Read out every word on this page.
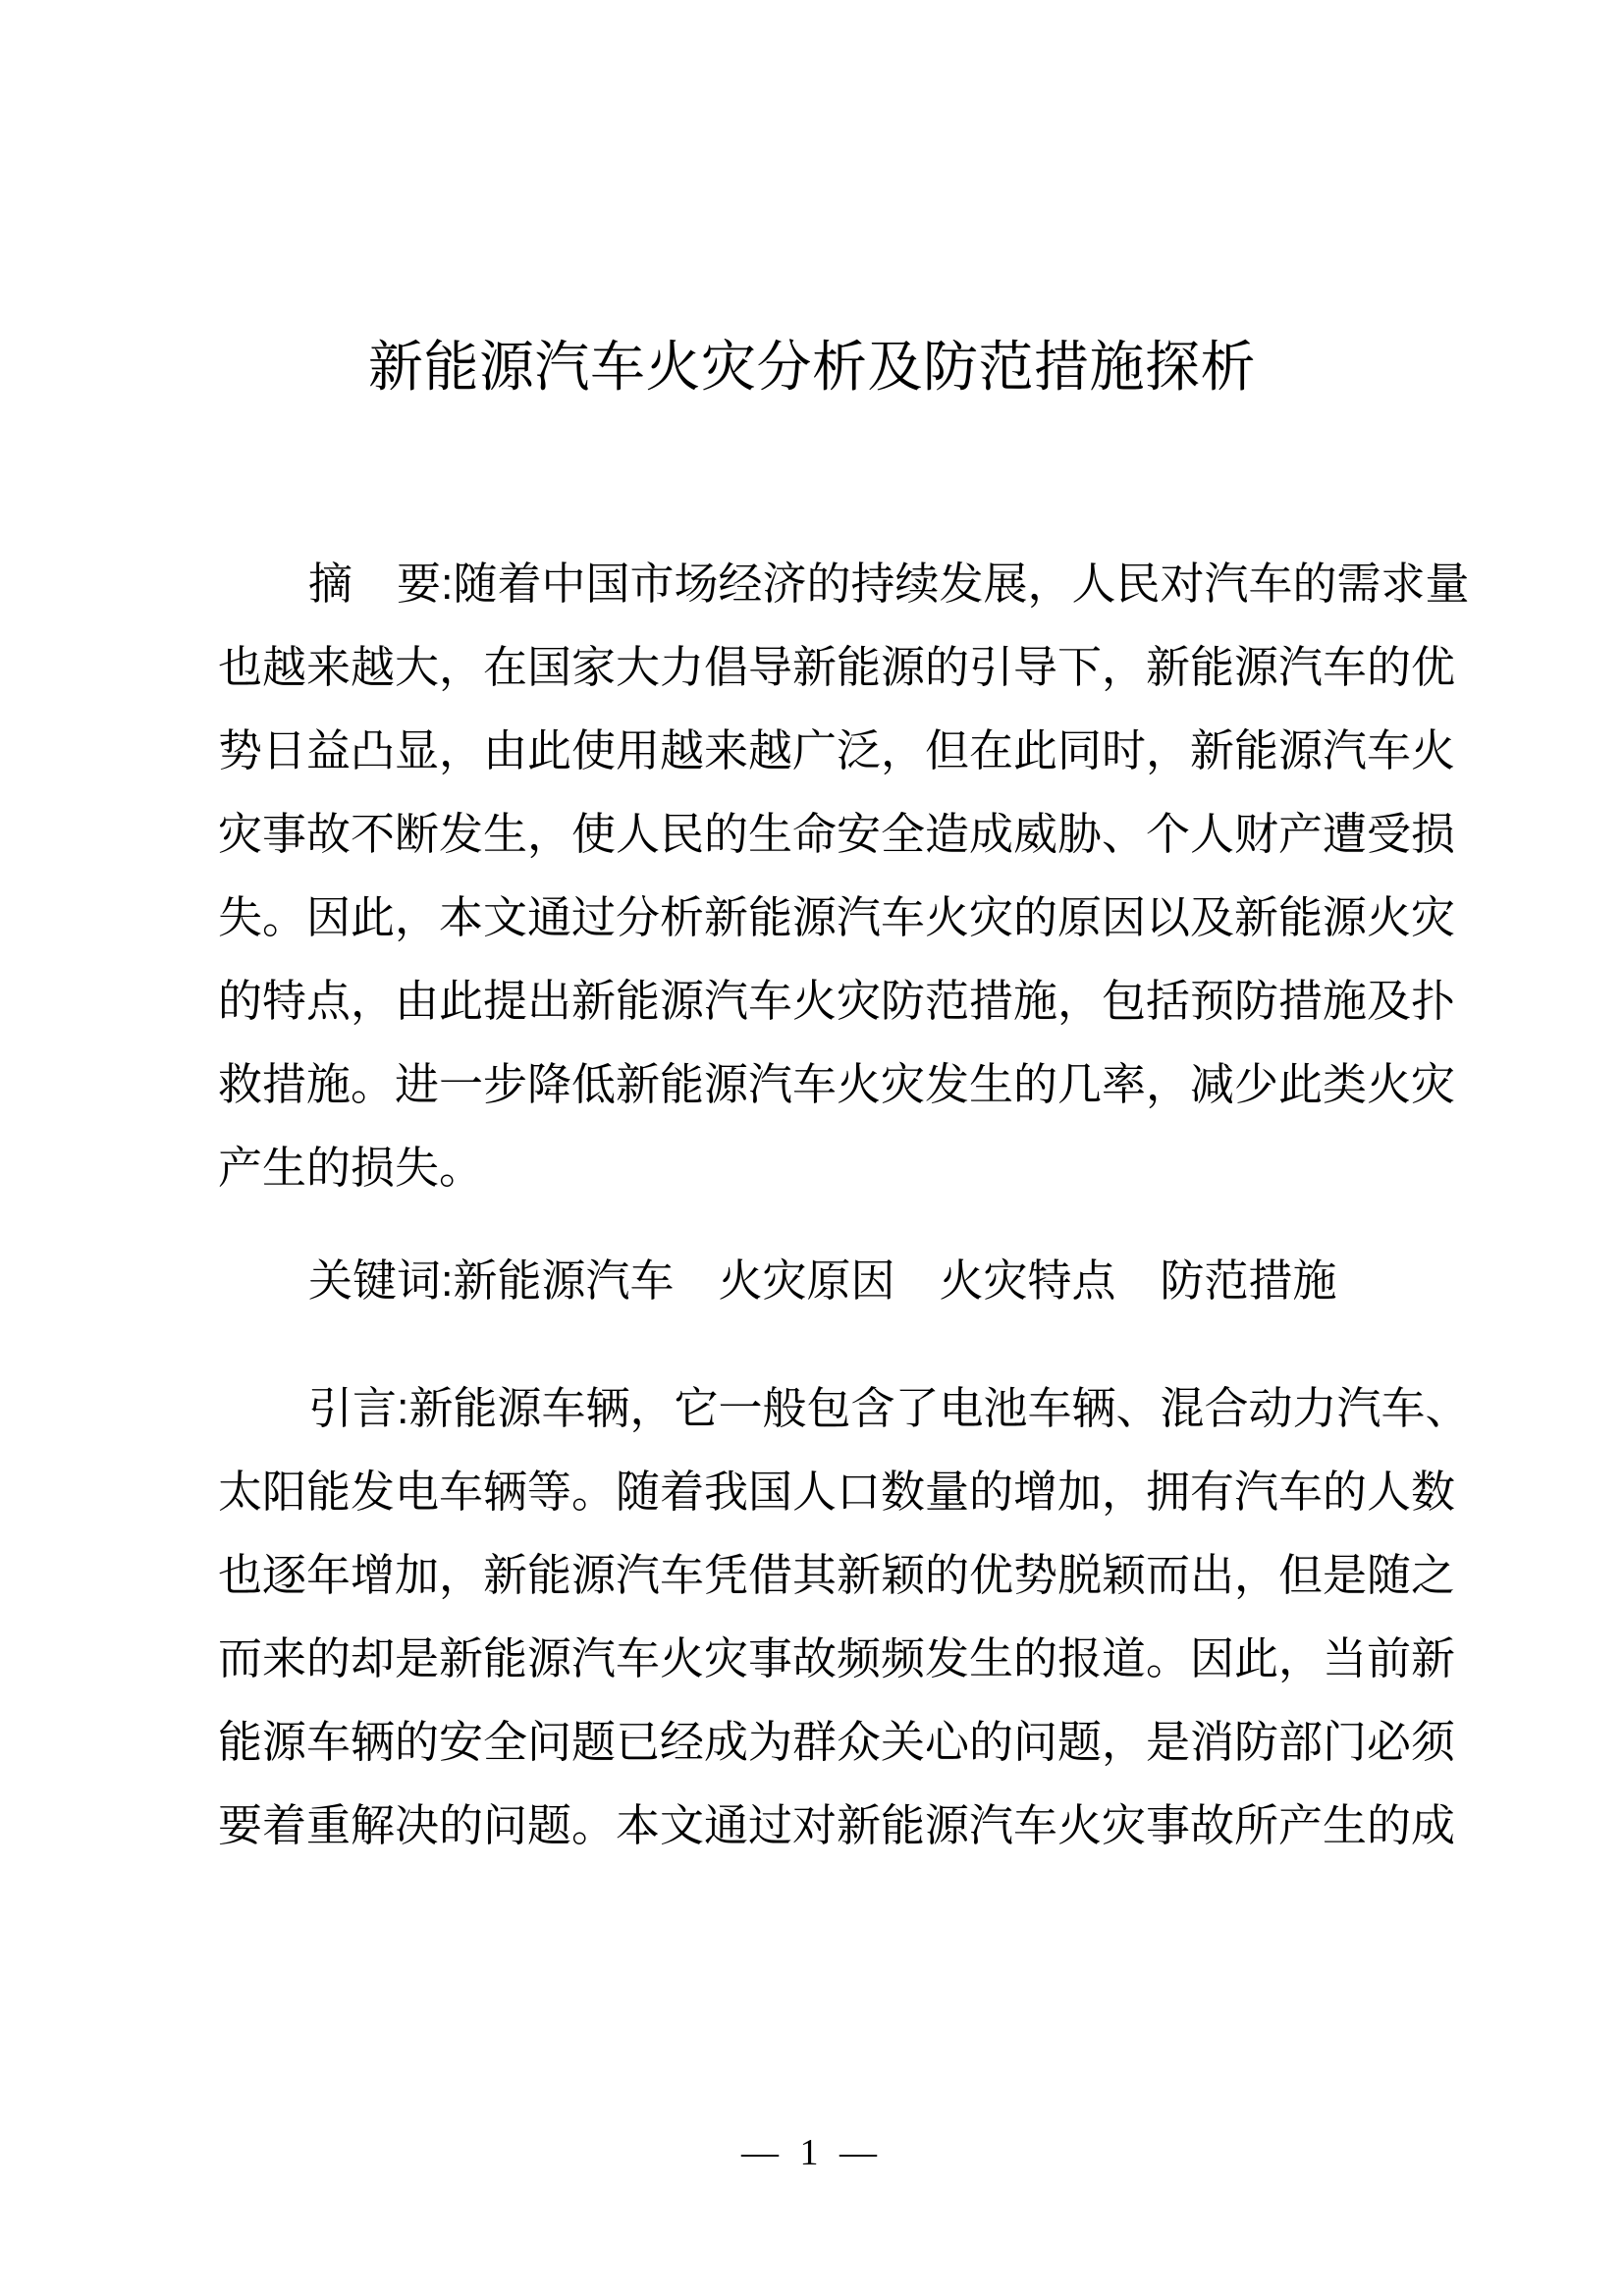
新能源汽车火灾分析及防范措施探析
摘　要:随着中国市场经济的持续发展，人民对汽车的需求量
也越来越大，在国家大力倡导新能源的引导下，新能源汽车的优
势日益凸显，由此使用越来越广泛，但在此同时，新能源汽车火
灾事故不断发生，使人民的生命安全造成威胁、个人财产遭受损
失。因此，本文通过分析新能源汽车火灾的原因以及新能源火灾
的特点，由此提出新能源汽车火灾防范措施，包括预防措施及扑
救措施。进一步降低新能源汽车火灾发生的几率，减少此类火灾
产生的损失。
关键词:新能源汽车　火灾原因　火灾特点　防范措施
引言:新能源车辆，它一般包含了电池车辆、混合动力汽车、
太阳能发电车辆等。随着我国人口数量的增加，拥有汽车的人数
也逐年增加，新能源汽车凭借其新颖的优势脱颖而出，但是随之
而来的却是新能源汽车火灾事故频频发生的报道。因此，当前新
能源车辆的安全问题已经成为群众关心的问题，是消防部门必须
要着重解决的问题。本文通过对新能源汽车火灾事故所产生的成
— 1 —
